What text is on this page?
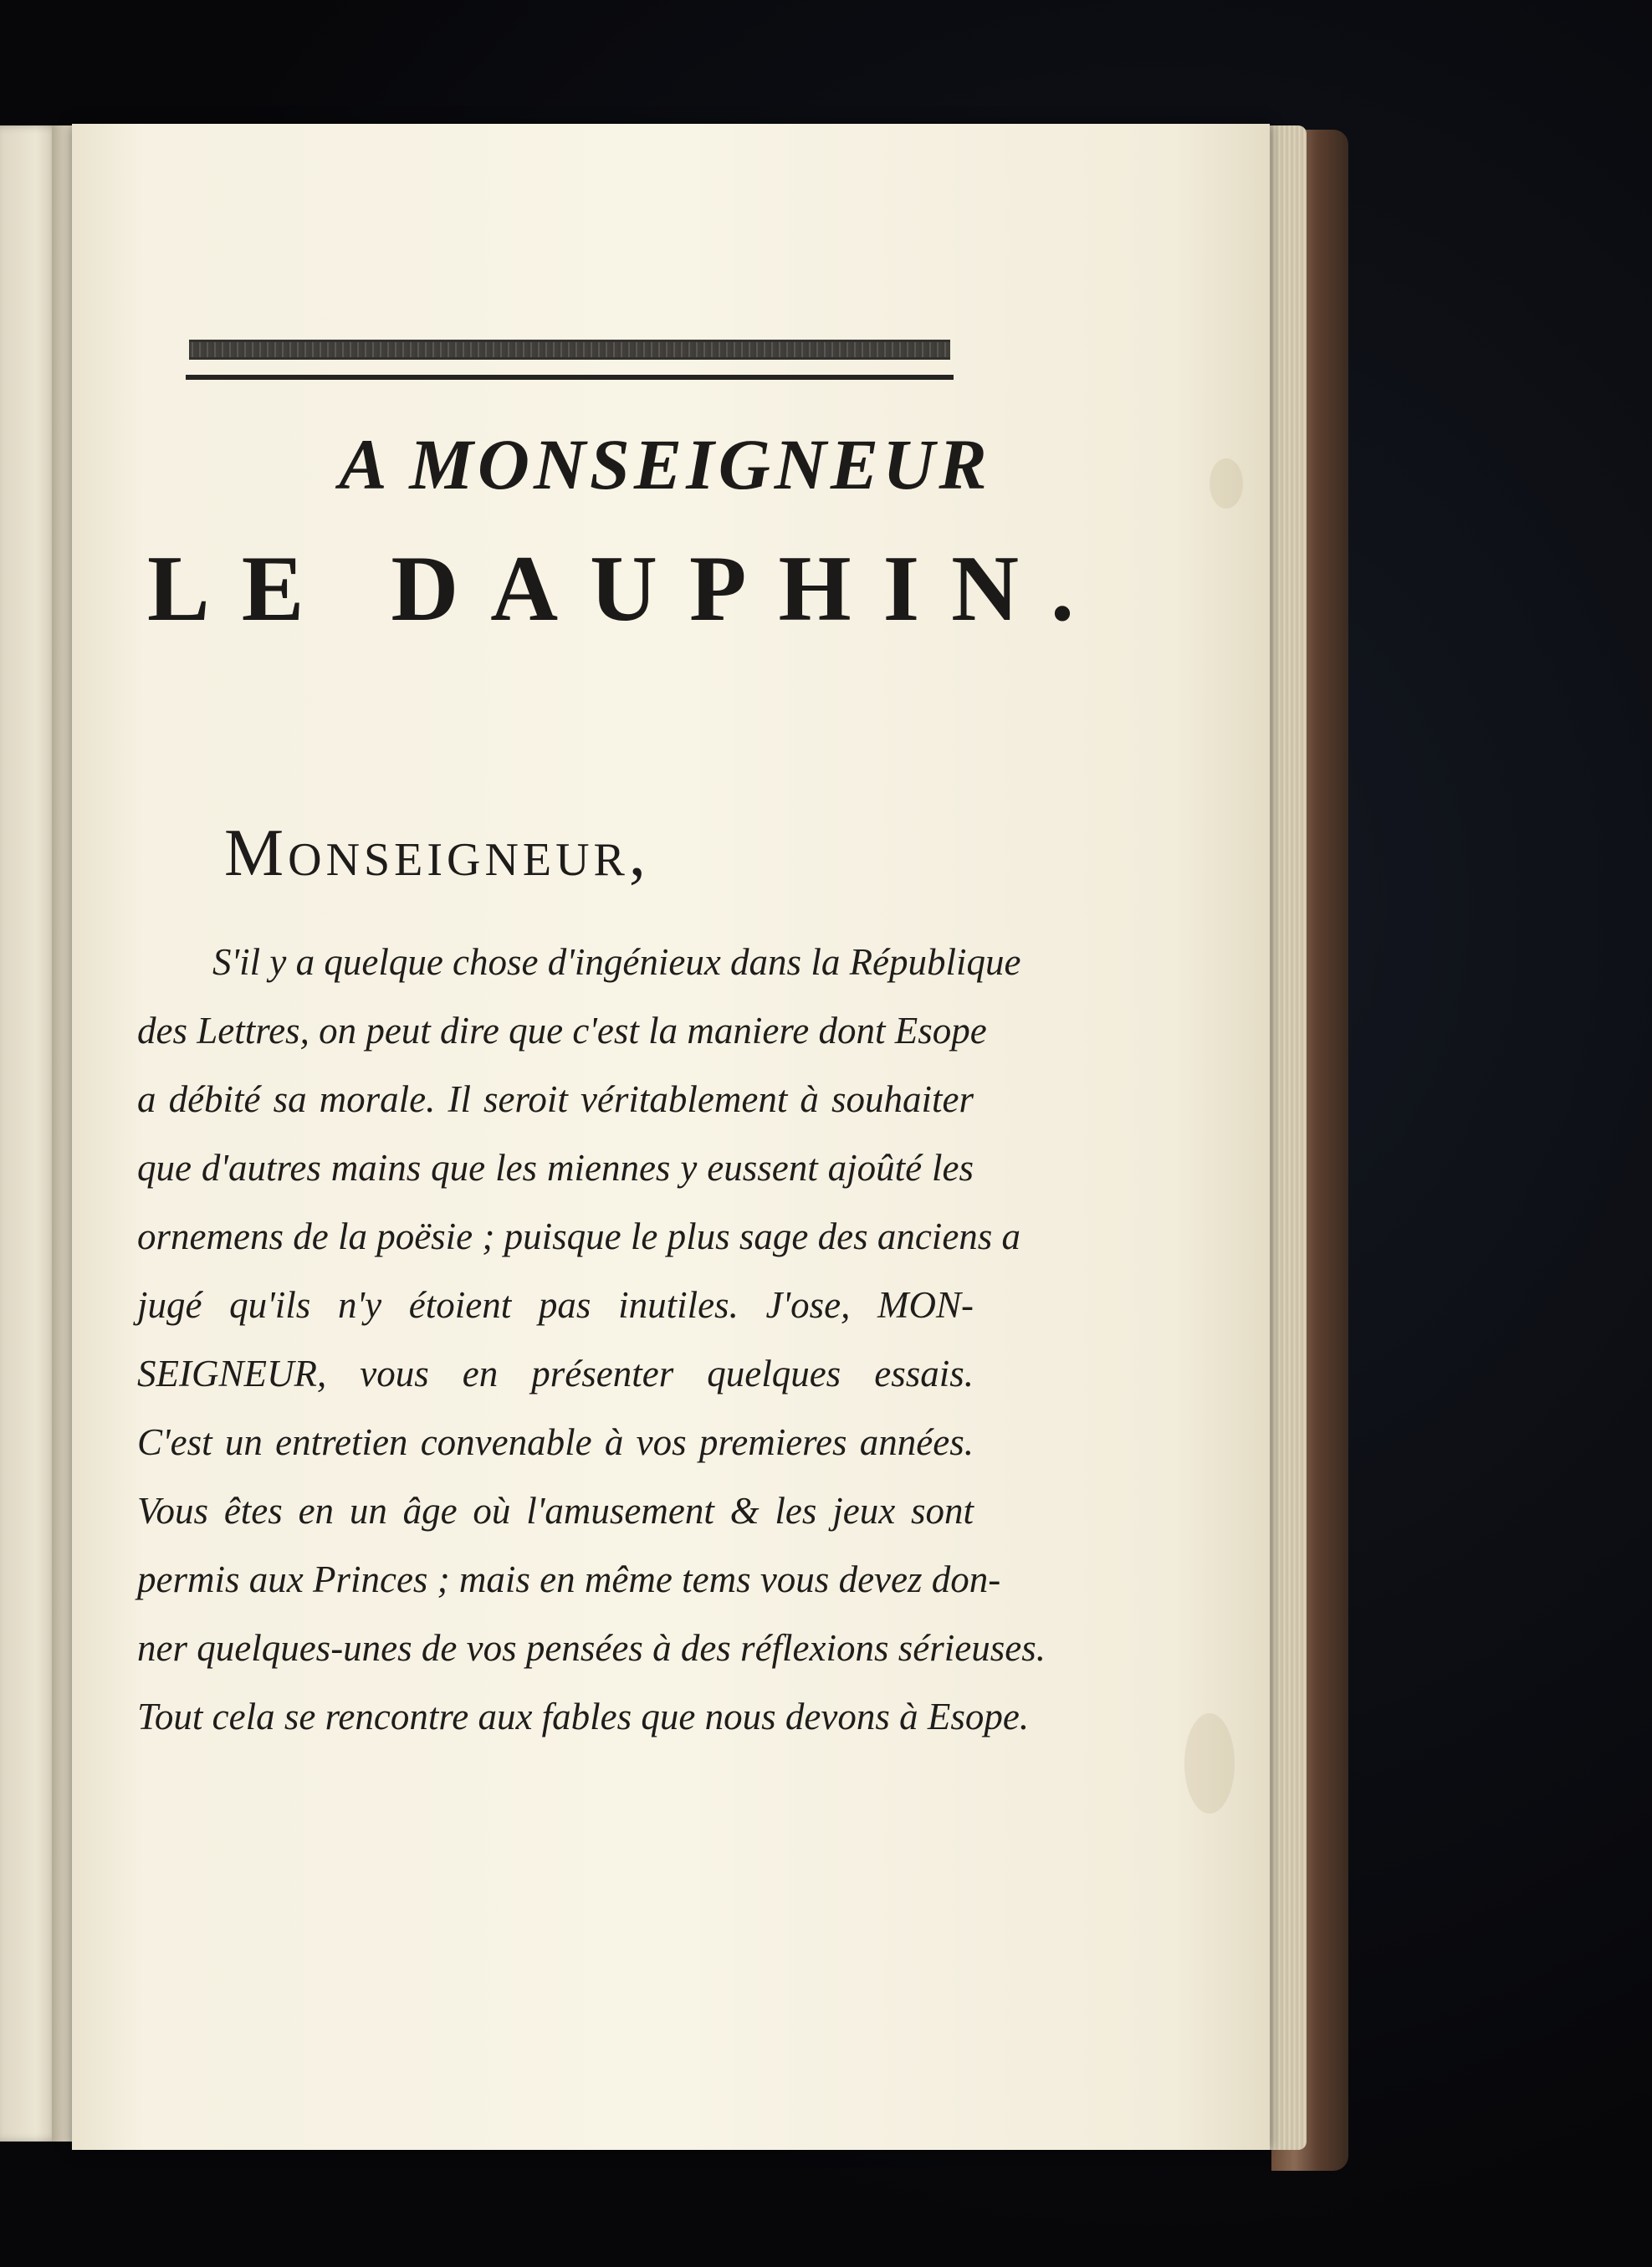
A MONSEIGNEUR
LE DAUPHIN.

Monseigneur,

S'il y a quelque chose d'ingénieux dans la République
des Lettres, on peut dire que c'est la maniere dont Esope
a débité sa morale. Il seroit véritablement à souhaiter
que d'autres mains que les miennes y eussent ajoûté les
ornemens de la poësie ; puisque le plus sage des anciens a
jugé qu'ils n'y étoient pas inutiles. J'ose, MON-
SEIGNEUR, vous en présenter quelques essais.
C'est un entretien convenable à vos premieres années.
Vous êtes en un âge où l'amusement & les jeux sont
permis aux Princes ; mais en même tems vous devez don-
ner quelques-unes de vos pensées à des réflexions sérieuses.
Tout cela se rencontre aux fables que nous devons à Esope.
